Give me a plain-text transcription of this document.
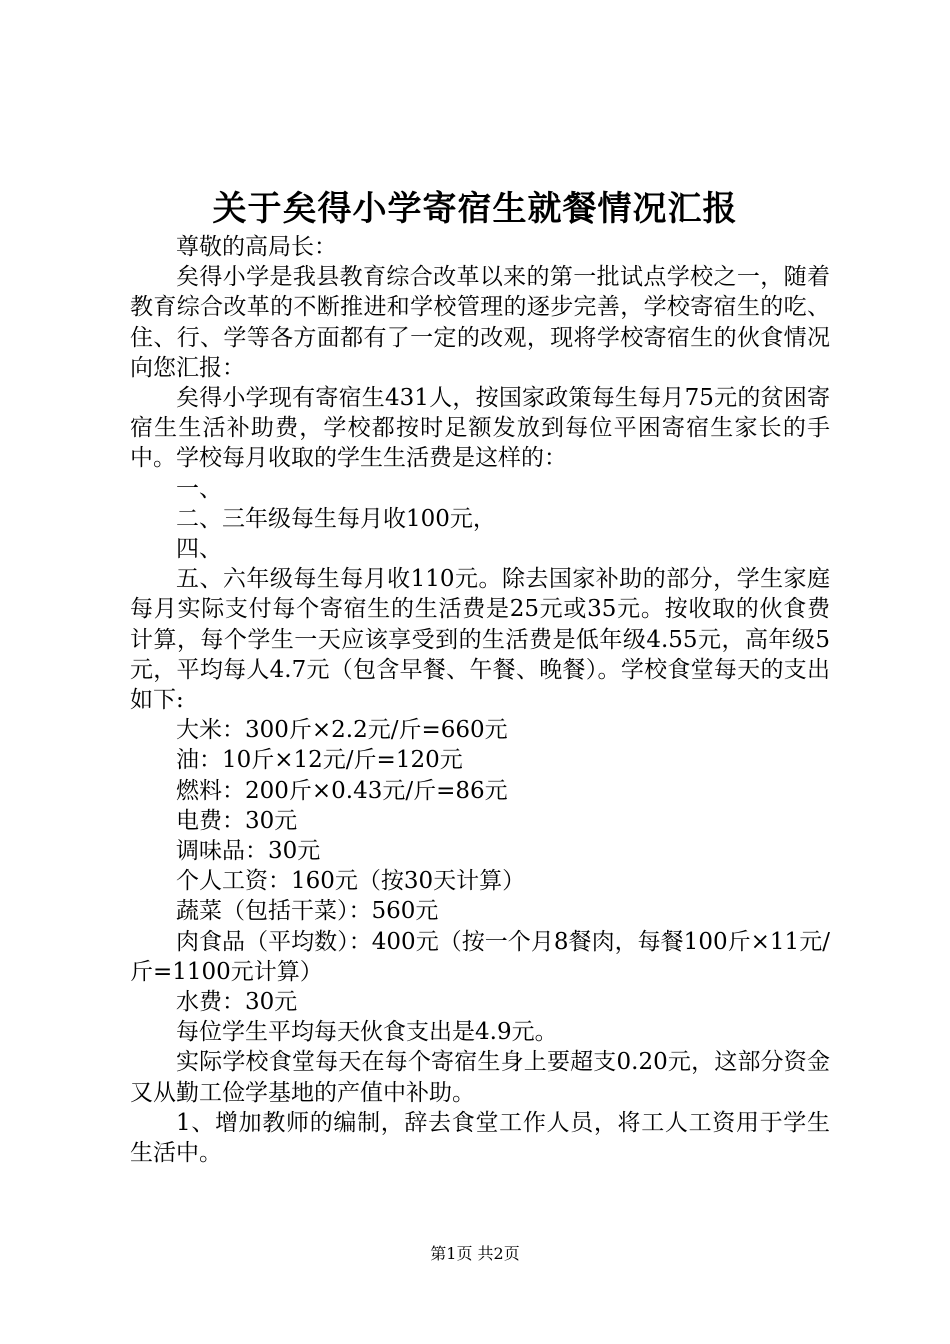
关于矣得小学寄宿生就餐情况汇报

尊敬的高局长：

矣得小学是我县教育综合改革以来的第一批试点学校之一，随着教育综合改革的不断推进和学校管理的逐步完善，学校寄宿生的吃、住、行、学等各方面都有了一定的改观，现将学校寄宿生的伙食情况向您汇报：

矣得小学现有寄宿生431人，按国家政策每生每月75元的贫困寄宿生生活补助费，学校都按时足额发放到每位平困寄宿生家长的手中。学校每月收取的学生生活费是这样的：

一、

二、三年级每生每月收100元，

四、

五、六年级每生每月收110元。除去国家补助的部分，学生家庭每月实际支付每个寄宿生的生活费是25元或35元。按收取的伙食费计算，每个学生一天应该享受到的生活费是低年级4.55元，高年级5元，平均每人4.7元（包含早餐、午餐、晚餐）。学校食堂每天的支出如下:

大米：300斤×2.2元/斤=660元

油：10斤×12元/斤=120元

燃料：200斤×0.43元/斤=86元

电费：30元

调味品：30元

个人工资：160元（按30天计算）

蔬菜（包括干菜）：560元

肉食品（平均数）：400元（按一个月8餐肉，每餐100斤×11元/斤=1100元计算）

水费：30元

每位学生平均每天伙食支出是4.9元。

实际学校食堂每天在每个寄宿生身上要超支0.20元，这部分资金又从勤工俭学基地的产值中补助。

1、增加教师的编制，辞去食堂工作人员，将工人工资用于学生生活中。

第1页 共2页
